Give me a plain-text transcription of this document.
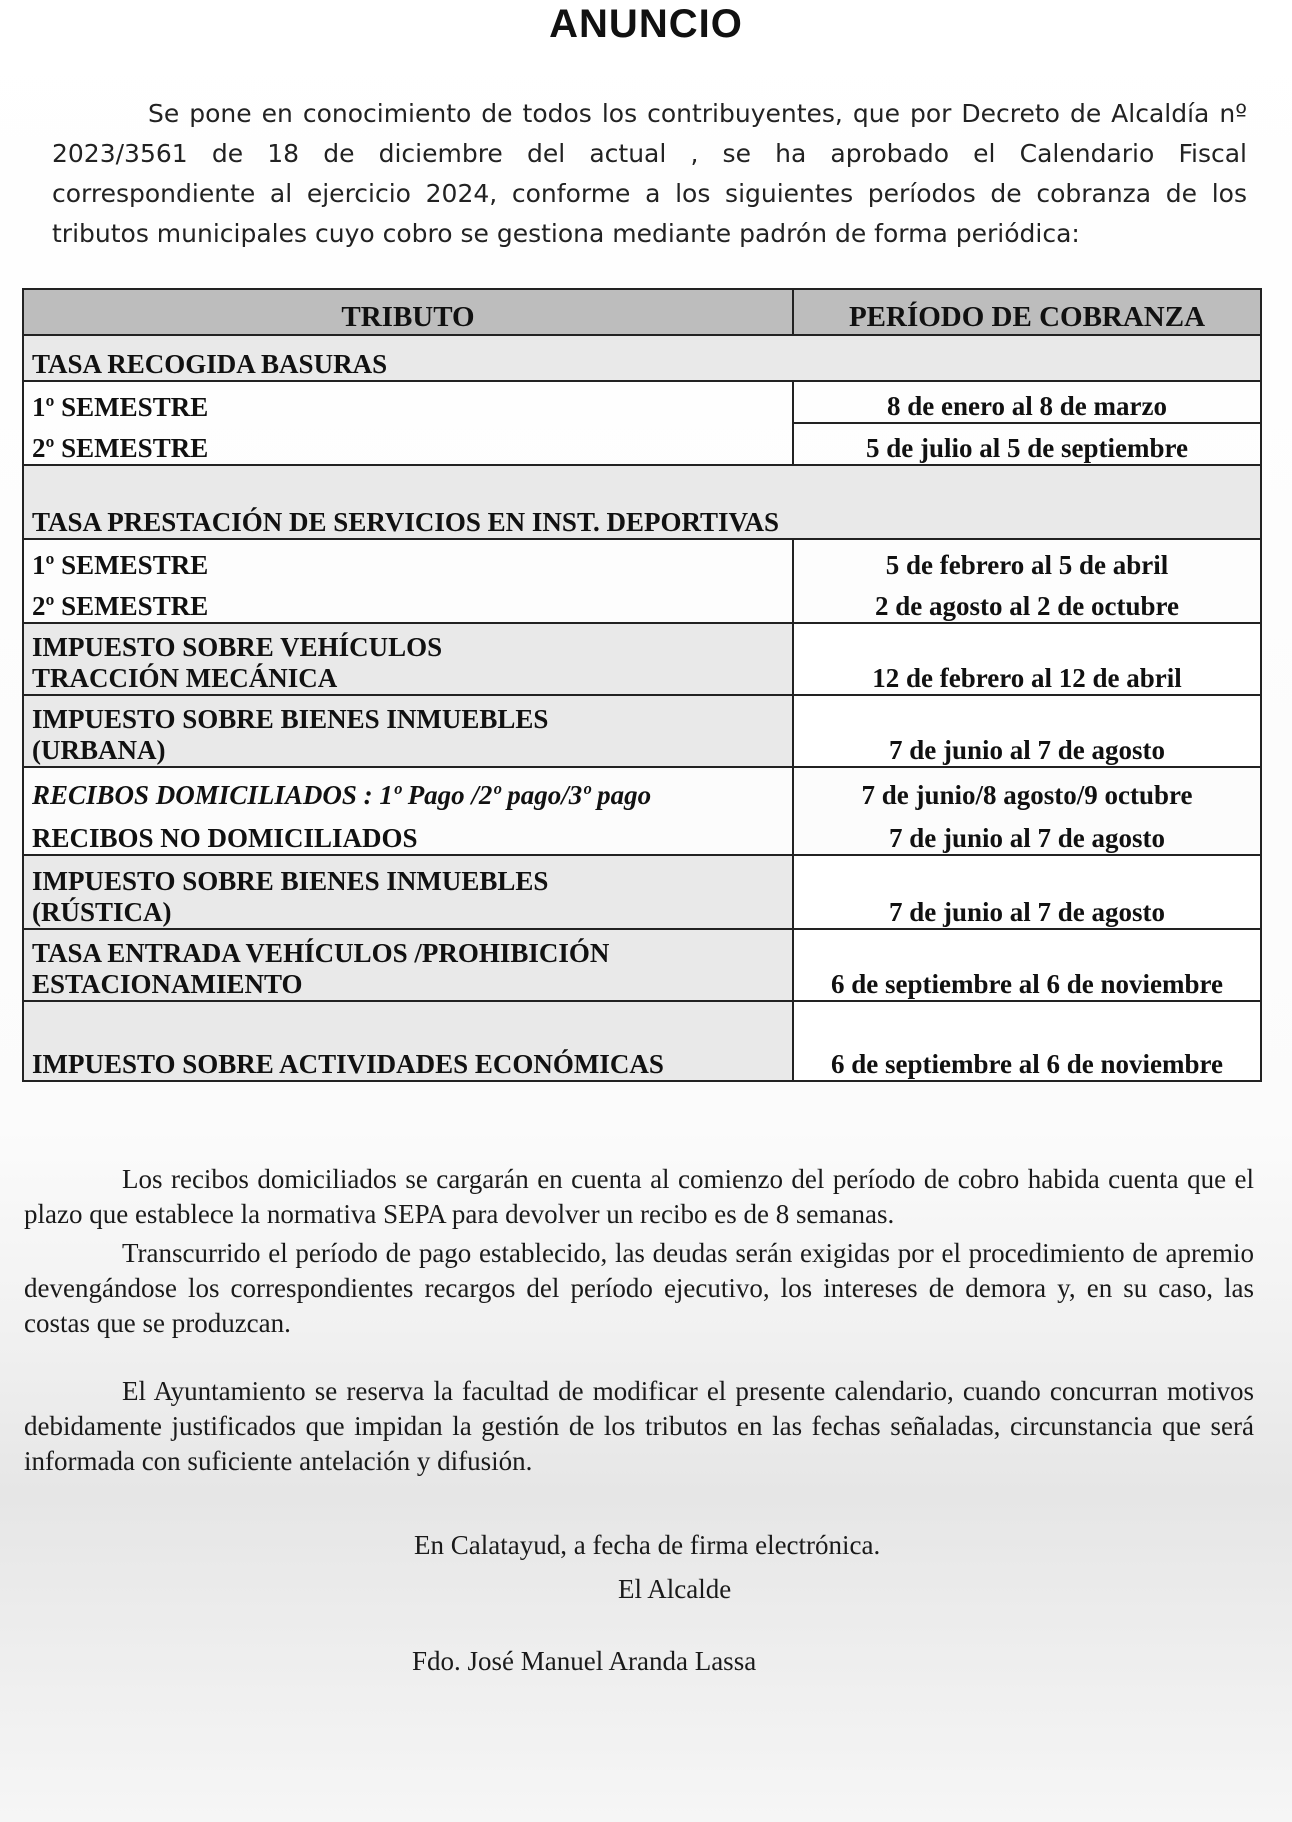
ANUNCIO
Se pone en conocimiento de todos los contribuyentes, que por Decreto de Alcaldía nº 2023/3561 de 18 de diciembre del actual , se ha aprobado el Calendario Fiscal correspondiente al ejercicio 2024, conforme a los siguientes períodos de cobranza de los tributos municipales cuyo cobro se gestiona mediante padrón de forma periódica:
TRIBUTO	PERÍODO DE COBRANZA
TASA RECOGIDA BASURAS	
1º SEMESTRE	8 de enero al 8 de marzo
2º SEMESTRE	5 de julio al 5 de septiembre
TASA PRESTACIÓN DE SERVICIOS EN INST. DEPORTIVAS	
1º SEMESTRE	5 de febrero al 5 de abril
2º SEMESTRE	2 de agosto al 2 de octubre
IMPUESTO SOBRE VEHÍCULOS TRACCIÓN MECÁNICA	12 de febrero al 12 de abril
IMPUESTO SOBRE BIENES INMUEBLES (URBANA)	7 de junio al 7 de agosto
RECIBOS DOMICILIADOS : 1º Pago /2º pago/3º pago	7 de junio/8 agosto/9 octubre
RECIBOS NO DOMICILIADOS	7 de junio al 7 de agosto
IMPUESTO SOBRE BIENES INMUEBLES (RÚSTICA)	7 de junio al 7 de agosto
TASA ENTRADA VEHÍCULOS /PROHIBICIÓN ESTACIONAMIENTO	6 de septiembre al 6 de noviembre
IMPUESTO SOBRE ACTIVIDADES ECONÓMICAS	6 de septiembre al 6 de noviembre
Los recibos domiciliados se cargarán en cuenta al comienzo del período de cobro habida cuenta que el plazo que establece la normativa SEPA para devolver un recibo es de 8 semanas.
Transcurrido el período de pago establecido, las deudas serán exigidas por el procedimiento de apremio devengándose los correspondientes recargos del período ejecutivo, los intereses de demora y, en su caso, las costas que se produzcan.
El Ayuntamiento se reserva la facultad de modificar el presente calendario, cuando concurran motivos debidamente justificados que impidan la gestión de los tributos en las fechas señaladas, circunstancia que será informada con suficiente antelación y difusión.
En Calatayud, a fecha de firma electrónica.
El Alcalde
Fdo. José Manuel Aranda Lassa
